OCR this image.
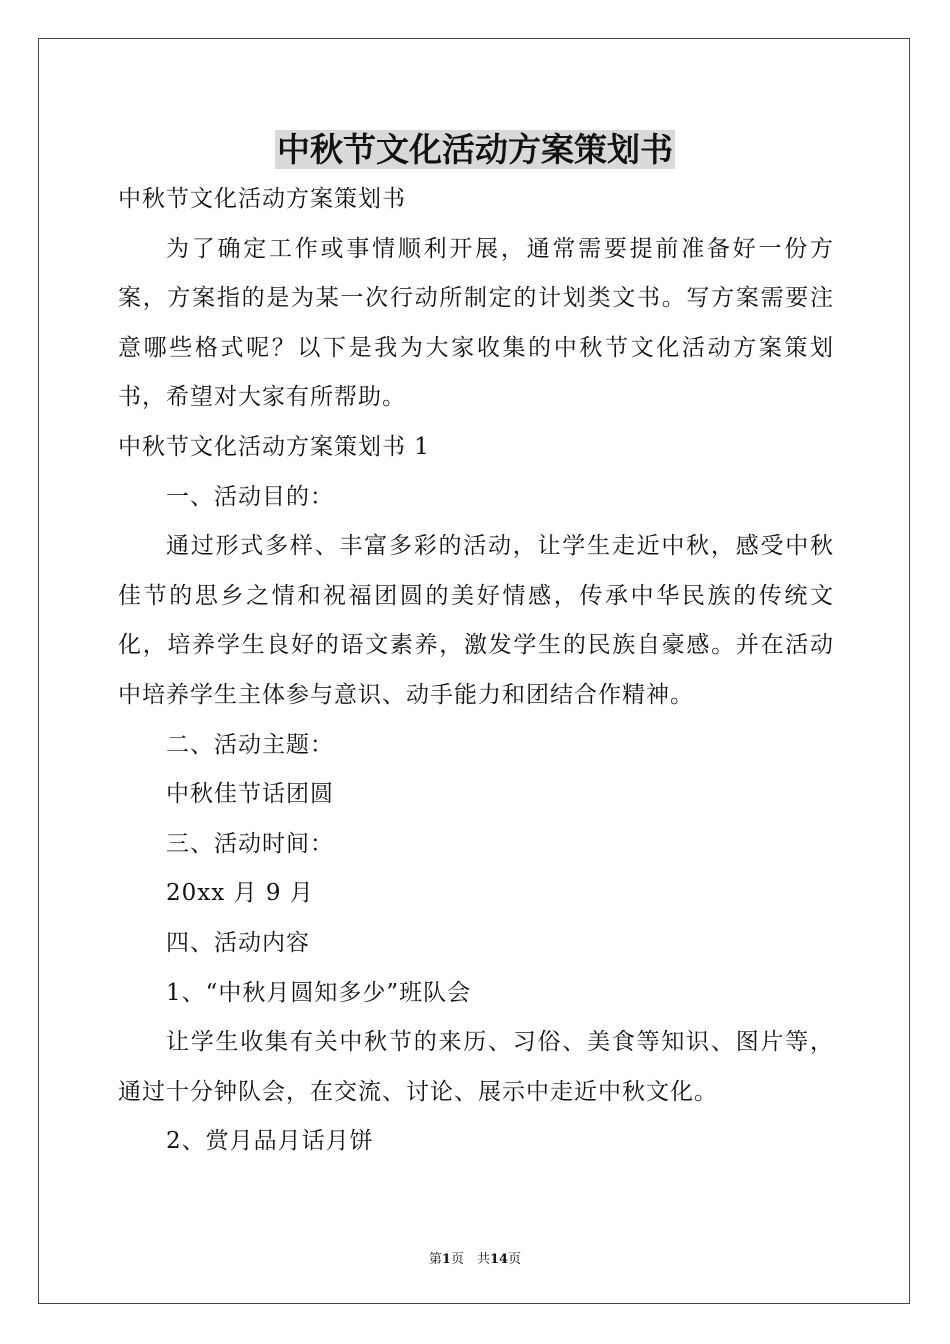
中秋节文化活动方案策划书

中秋节文化活动方案策划书

为了确定工作或事情顺利开展，通常需要提前准备好一份方案，方案指的是为某一次行动所制定的计划类文书。写方案需要注意哪些格式呢？以下是我为大家收集的中秋节文化活动方案策划书，希望对大家有所帮助。

中秋节文化活动方案策划书 1

一、活动目的：

通过形式多样、丰富多彩的活动，让学生走近中秋，感受中秋佳节的思乡之情和祝福团圆的美好情感，传承中华民族的传统文化，培养学生良好的语文素养，激发学生的民族自豪感。并在活动中培养学生主体参与意识、动手能力和团结合作精神。

二、活动主题：

中秋佳节话团圆

三、活动时间：

20xx 月 9 月

四、活动内容

1、“中秋月圆知多少”班队会

让学生收集有关中秋节的来历、习俗、美食等知识、图片等，通过十分钟队会，在交流、讨论、展示中走近中秋文化。

2、赏月品月话月饼

第1页　共14页
